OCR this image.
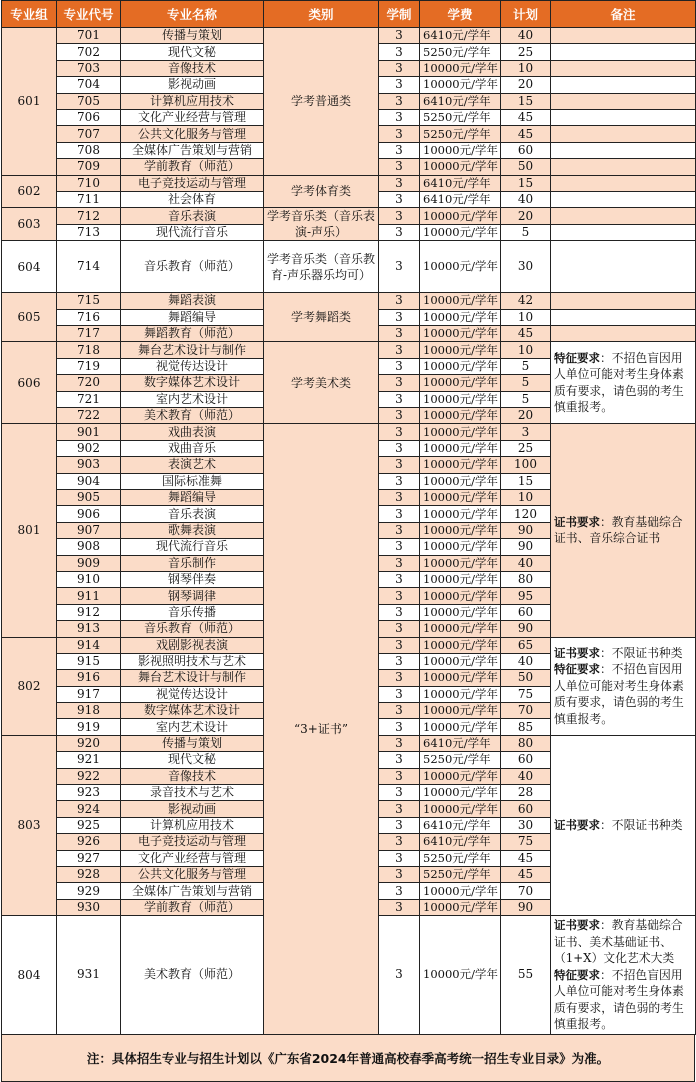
专业组	专业代号	专业名称	类别	学制	学费	计划	备注
601	701	传播与策划	学考普通类	3	6410元/学年	40	
	702	现代文秘		3	5250元/学年	25	
	703	音像技术		3	10000元/学年	10	
	704	影视动画		3	10000元/学年	20	
	705	计算机应用技术		3	6410元/学年	15	
	706	文化产业经营与管理		3	5250元/学年	45	
	707	公共文化服务与管理		3	5250元/学年	45	
	708	全媒体广告策划与营销		3	10000元/学年	60	
	709	学前教育（师范）		3	10000元/学年	50	
602	710	电子竞技运动与管理	学考体育类	3	6410元/学年	15	
	711	社会体育		3	6410元/学年	40	
603	712	音乐表演	学考音乐类（音乐表演-声乐）	3	10000元/学年	20	
	713	现代流行音乐		3	10000元/学年	5	
604	714	音乐教育（师范）	学考音乐类（音乐教育-声乐器乐均可）	3	10000元/学年	30	
605	715	舞蹈表演	学考舞蹈类	3	10000元/学年	42	
	716	舞蹈编导		3	10000元/学年	10	
	717	舞蹈教育（师范）		3	10000元/学年	45	
606	718	舞台艺术设计与制作	学考美术类	3	10000元/学年	10	特征要求：不招色盲因用人单位可能对考生身体素质有要求，请色弱的考生慎重报考。
	719	视觉传达设计		3	10000元/学年	5	
	720	数字媒体艺术设计		3	10000元/学年	5	
	721	室内艺术设计		3	10000元/学年	5	
	722	美术教育（师范）		3	10000元/学年	20	
801	901	戏曲表演	“3+证书”	3	10000元/学年	3	证书要求：教育基础综合证书、音乐综合证书
	902	戏曲音乐		3	10000元/学年	25	
	903	表演艺术		3	10000元/学年	100	
	904	国际标准舞		3	10000元/学年	15	
	905	舞蹈编导		3	10000元/学年	10	
	906	音乐表演		3	10000元/学年	120	
	907	歌舞表演		3	10000元/学年	90	
	908	现代流行音乐		3	10000元/学年	90	
	909	音乐制作		3	10000元/学年	40	
	910	钢琴伴奏		3	10000元/学年	80	
	911	钢琴调律		3	10000元/学年	95	
	912	音乐传播		3	10000元/学年	60	
	913	音乐教育（师范）		3	10000元/学年	90	
802	914	戏剧影视表演		3	10000元/学年	65	证书要求：不限证书种类
特征要求：不招色盲因用人单位可能对考生身体素质有要求，请色弱的考生慎重报考。
	915	影视照明技术与艺术		3	10000元/学年	40	
	916	舞台艺术设计与制作		3	10000元/学年	50	
	917	视觉传达设计		3	10000元/学年	75	
	918	数字媒体艺术设计		3	10000元/学年	70	
	919	室内艺术设计		3	10000元/学年	85	
803	920	传播与策划		3	6410元/学年	80	证书要求：不限证书种类
	921	现代文秘		3	5250元/学年	60	
	922	音像技术		3	10000元/学年	40	
	923	录音技术与艺术		3	10000元/学年	28	
	924	影视动画		3	10000元/学年	60	
	925	计算机应用技术		3	6410元/学年	30	
	926	电子竞技运动与管理		3	6410元/学年	75	
	927	文化产业经营与管理		3	5250元/学年	45	
	928	公共文化服务与管理		3	5250元/学年	45	
	929	全媒体广告策划与营销		3	10000元/学年	70	
	930	学前教育（师范）		3	10000元/学年	90	
804	931	美术教育（师范）		3	10000元/学年	55	证书要求：教育基础综合证书、美术基础证书、（1+X）文化艺术大类
特征要求：不招色盲因用人单位可能对考生身体素质有要求，请色弱的考生慎重报考。
注：具体招生专业与招生计划以《广东省2024年普通高校春季高考统一招生专业目录》为准。
